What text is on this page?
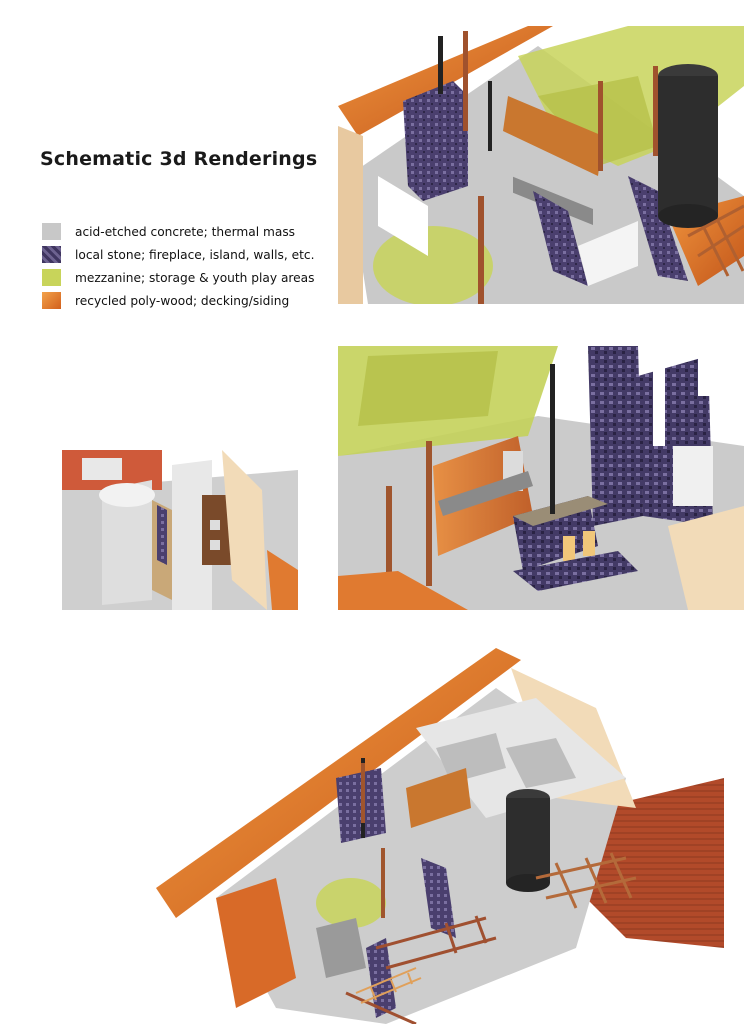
Schematic 3d Renderings
acid-etched concrete; thermal mass
local stone; fireplace, island, walls, etc.
mezzanine; storage & youth play areas
recycled poly-wood; decking/siding
